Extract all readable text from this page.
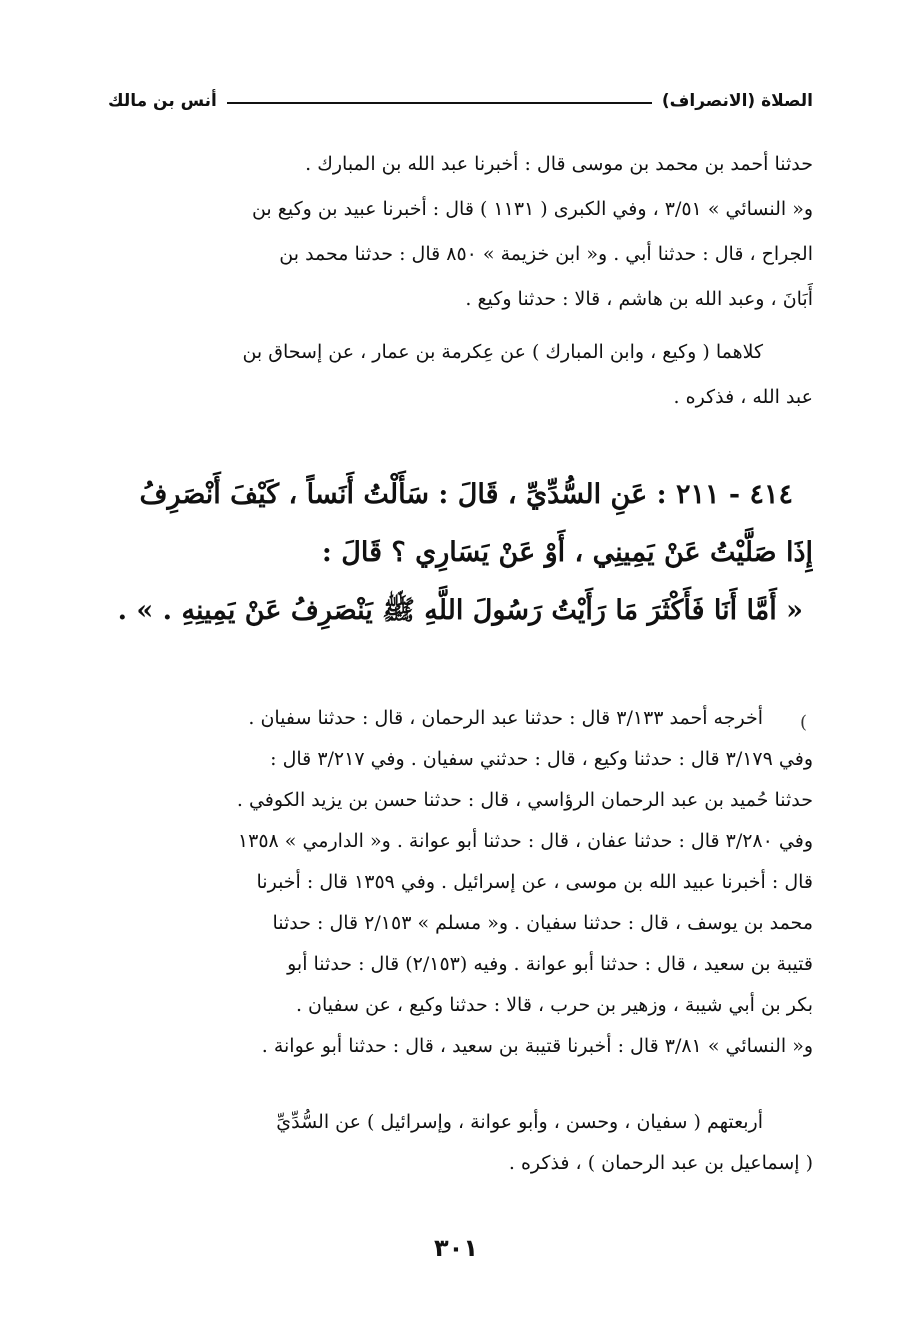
الصلاة (الانصراف)
أنس بن مالك
حدثنا أحمد بن محمد بن موسى قال : أخبرنا عبد الله بن المبارك .
و« النسائي » ٣/٥١ ، وفي الكبرى ( ١١٣١ ) قال : أخبرنا عبيد بن وكيع بن
الجراح ، قال : حدثنا أبي . و« ابن خزيمة » ٨٥٠ قال : حدثنا محمد بن
أَبَانَ ، وعبد الله بن هاشم ، قالا : حدثنا وكيع .
كلاهما ( وكيع ، وابن المبارك ) عن عِكرمة بن عمار ، عن إسحاق بن
عبد الله ، فذكره .
٤١٤ - ٢١١ : عَنِ السُّدِّيِّ ، قَالَ : سَأَلْتُ أَنَساً ، كَيْفَ أَنْصَرِفُ
إِذَا صَلَّيْتُ عَنْ يَمِينِي ، أَوْ عَنْ يَسَارِي ؟ قَالَ :
« أَمَّا أَنَا فَأَكْثَرَ مَا رَأَيْتُ رَسُولَ اللَّهِ ﷺ يَنْصَرِفُ عَنْ يَمِينِهِ . » .
(
أخرجه أحمد ٣/١٣٣ قال : حدثنا عبد الرحمان ، قال : حدثنا سفيان .
وفي ٣/١٧٩ قال : حدثنا وكيع ، قال : حدثني سفيان . وفي ٣/٢١٧ قال :
حدثنا حُميد بن عبد الرحمان الرؤاسي ، قال : حدثنا حسن بن يزيد الكوفي .
وفي ٣/٢٨٠ قال : حدثنا عفان ، قال : حدثنا أبو عوانة . و« الدارمي » ١٣٥٨
قال : أخبرنا عبيد الله بن موسى ، عن إسرائيل . وفي ١٣٥٩ قال : أخبرنا
محمد بن يوسف ، قال : حدثنا سفيان . و« مسلم » ٢/١٥٣ قال : حدثنا
قتيبة بن سعيد ، قال : حدثنا أبو عوانة . وفيه (٢/١٥٣) قال : حدثنا أبو
بكر بن أبي شيبة ، وزهير بن حرب ، قالا : حدثنا وكيع ، عن سفيان .
و« النسائي » ٣/٨١ قال : أخبرنا قتيبة بن سعيد ، قال : حدثنا أبو عوانة .
أربعتهم ( سفيان ، وحسن ، وأبو عوانة ، وإسرائيل ) عن السُّدِّيِّ
( إسماعيل بن عبد الرحمان ) ، فذكره .
٣٠١
